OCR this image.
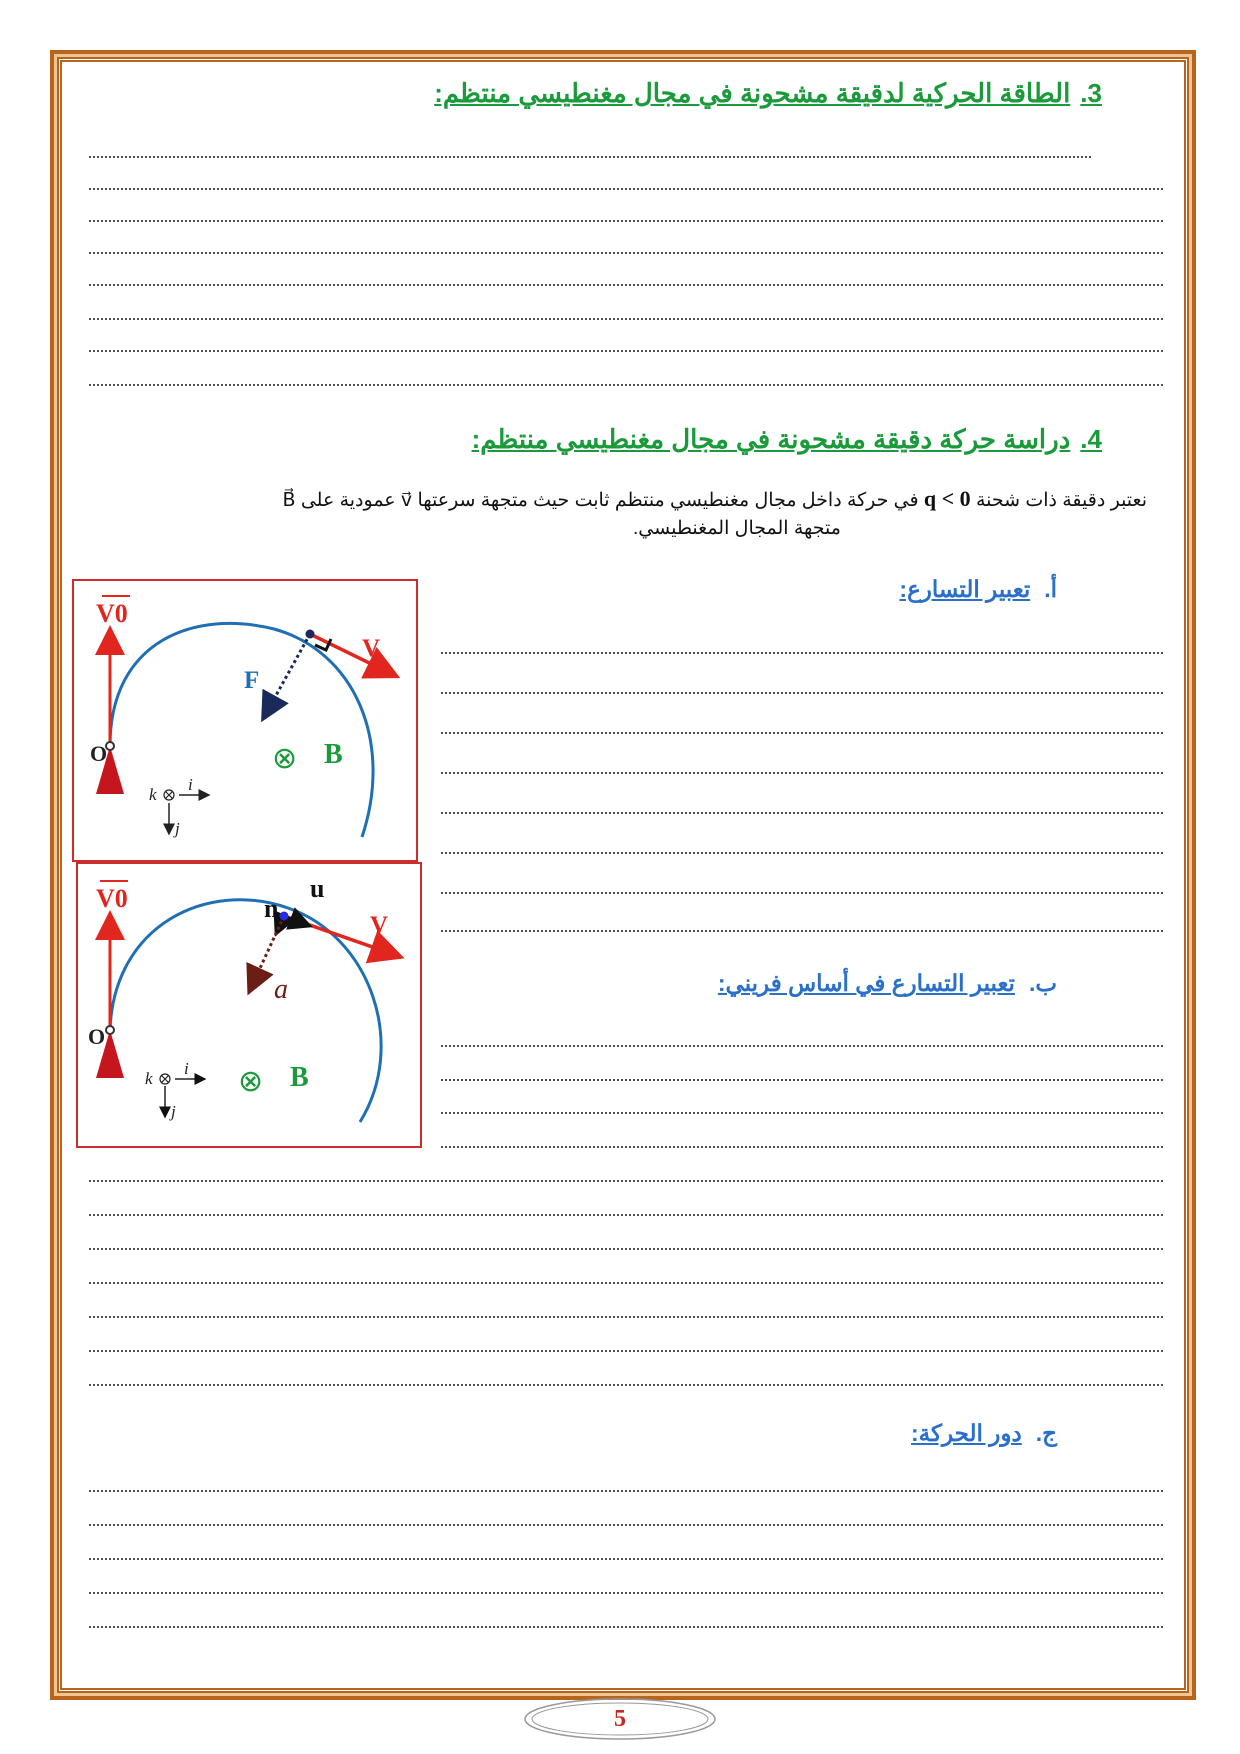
3.الطاقة الحركية لدقيقة مشحونة في مجال مغنطيسي منتظم:
4.دراسة حركة دقيقة مشحونة في مجال مغنطيسي منتظم:
نعتبر دقيقة ذات شحنة q < 0 في حركة داخل مجال مغنطيسي منتظم ثابت حيث متجهة سرعتها v⃗ عمودية على B⃗
متجهة المجال المغنطيسي.
أ.تعبير التسارع:
ب.تعبير التسارع في أساس فريني:
ج.دور الحركة:
V0
O
V
F
⊗ B
i
j
k
V0
O
n
u
V
a
⊗ B
i
j
k
5
